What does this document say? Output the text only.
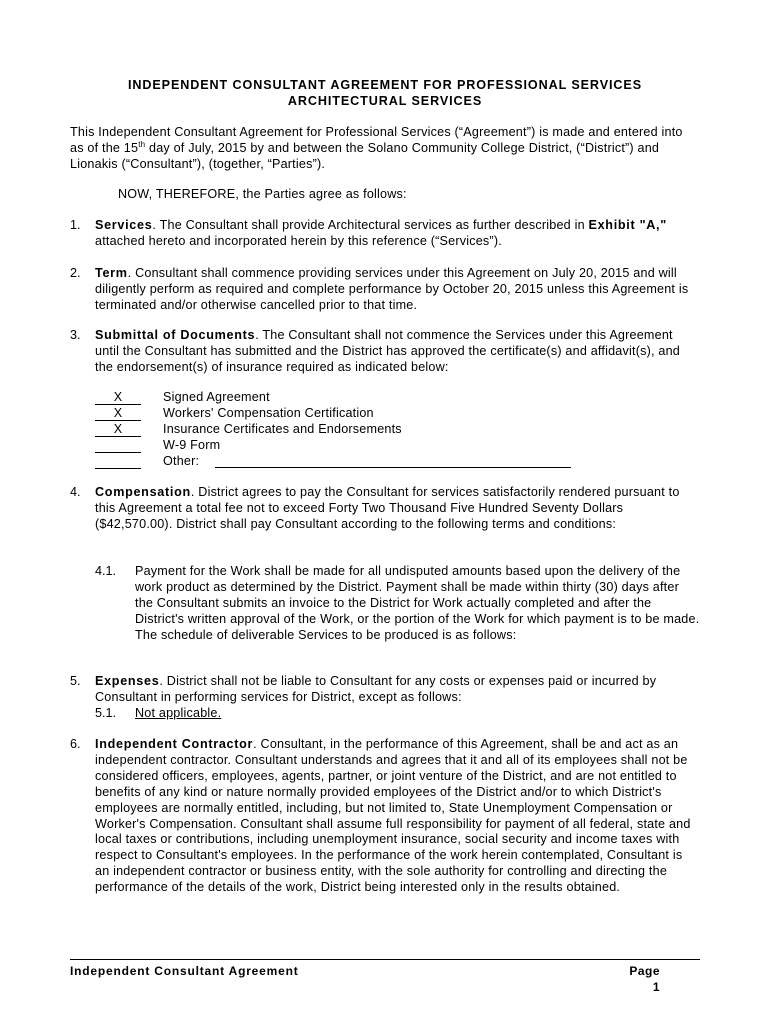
INDEPENDENT CONSULTANT AGREEMENT FOR PROFESSIONAL SERVICES
ARCHITECTURAL SERVICES
This Independent Consultant Agreement for Professional Services (“Agreement”) is made and entered into as of the 15th day of July, 2015 by and between the Solano Community College District, (“District”) and Lionakis (“Consultant”), (together, “Parties”).
NOW, THEREFORE, the Parties agree as follows:
1. Services. The Consultant shall provide Architectural services as further described in Exhibit "A," attached hereto and incorporated herein by this reference (“Services”).
2. Term. Consultant shall commence providing services under this Agreement on July 20, 2015 and will diligently perform as required and complete performance by October 20, 2015 unless this Agreement is terminated and/or otherwise cancelled prior to that time.
3. Submittal of Documents. The Consultant shall not commence the Services under this Agreement until the Consultant has submitted and the District has approved the certificate(s) and affidavit(s), and the endorsement(s) of insurance required as indicated below:
X	Signed Agreement
X	Workers' Compensation Certification
X	Insurance Certificates and Endorsements
W-9 Form
Other:
4. Compensation. District agrees to pay the Consultant for services satisfactorily rendered pursuant to this Agreement a total fee not to exceed Forty Two Thousand Five Hundred Seventy Dollars ($42,570.00). District shall pay Consultant according to the following terms and conditions:
4.1. Payment for the Work shall be made for all undisputed amounts based upon the delivery of the work product as determined by the District. Payment shall be made within thirty (30) days after the Consultant submits an invoice to the District for Work actually completed and after the District's written approval of the Work, or the portion of the Work for which payment is to be made. The schedule of deliverable Services to be produced is as follows:
5. Expenses. District shall not be liable to Consultant for any costs or expenses paid or incurred by Consultant in performing services for District, except as follows:
5.1. Not applicable.
6. Independent Contractor. Consultant, in the performance of this Agreement, shall be and act as an independent contractor. Consultant understands and agrees that it and all of its employees shall not be considered officers, employees, agents, partner, or joint venture of the District, and are not entitled to benefits of any kind or nature normally provided employees of the District and/or to which District's employees are normally entitled, including, but not limited to, State Unemployment Compensation or Worker's Compensation. Consultant shall assume full responsibility for payment of all federal, state and local taxes or contributions, including unemployment insurance, social security and income taxes with respect to Consultant's employees. In the performance of the work herein contemplated, Consultant is an independent contractor or business entity, with the sole authority for controlling and directing the performance of the details of the work, District being interested only in the results obtained.
Independent Consultant Agreement	Page 1
